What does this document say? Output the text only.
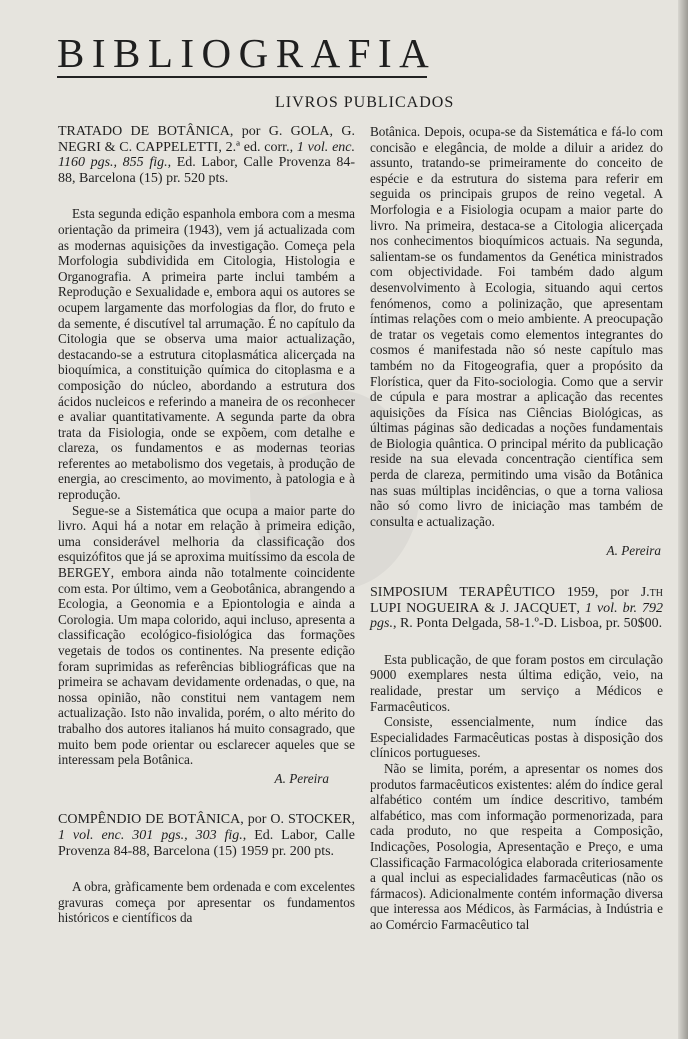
BIBLIOGRAFIA
LIVROS PUBLICADOS

TRATADO DE BOTÂNICA, por G. GOLA, G. NEGRI & C. CAPPELETTI, 2.ª ed. corr., 1 vol. enc. 1160 pgs., 855 fig., Ed. Labor, Calle Provenza 84-88, Barcelona (15) pr. 520 pts.

Esta segunda edição espanhola embora com a mesma orientação da primeira (1943), vem já actualizada com as modernas aquisições da investigação. Começa pela Morfologia subdividida em Citologia, Histologia e Organografia. A primeira parte inclui também a Reprodução e Sexualidade e, embora aqui os autores se ocupem largamente das morfologias da flor, do fruto e da semente, é discutível tal arrumação. É no capítulo da Citologia que se observa uma maior actualização, destacando-se a estrutura citoplasmática alicerçada na bioquímica, a constituição química do citoplasma e a composição do núcleo, abordando a estrutura dos ácidos nucleicos e referindo a maneira de os reconhecer e avaliar quantitativamente. A segunda parte da obra trata da Fisiologia, onde se expõem, com detalhe e clareza, os fundamentos e as modernas teorias referentes ao metabolismo dos vegetais, à produção de energia, ao crescimento, ao movimento, à patologia e à reprodução.

Segue-se a Sistemática que ocupa a maior parte do livro. Aqui há a notar em relação à primeira edição, uma considerável melhoria da classificação dos esquizófitos que já se aproxima muitíssimo da escola de BERGEY, embora ainda não totalmente coincidente com esta. Por último, vem a Geobotânica, abrangendo a Ecologia, a Geonomia e a Epiontologia e ainda a Corologia. Um mapa colorido, aqui incluso, apresenta a classificação ecológico-fisiológica das formações vegetais de todos os continentes. Na presente edição foram suprimidas as referências bibliográficas que na primeira se achavam devidamente ordenadas, o que, na nossa opinião, não constitui nem vantagem nem actualização. Isto não invalida, porém, o alto mérito do trabalho dos autores italianos há muito consagrado, que muito bem pode orientar ou esclarecer aqueles que se interessam pela Botânica.

A. Pereira

COMPÊNDIO DE BOTÂNICA, por O. STOCKER, 1 vol. enc. 301 pgs., 303 fig., Ed. Labor, Calle Provenza 84-88, Barcelona (15) 1959 pr. 200 pts.

A obra, gràficamente bem ordenada e com excelentes gravuras começa por apresentar os fundamentos históricos e científicos da

Botânica. Depois, ocupa-se da Sistemática e fá-lo com concisão e elegância, de molde a diluir a aridez do assunto, tratando-se primeiramente do conceito de espécie e da estrutura do sistema para referir em seguida os principais grupos de reino vegetal. A Morfologia e a Fisiologia ocupam a maior parte do livro. Na primeira, destaca-se a Citologia alicerçada nos conhecimentos bioquímicos actuais. Na segunda, salientam-se os fundamentos da Genética ministrados com objectividade. Foi também dado algum desenvolvimento à Ecologia, situando aqui certos fenómenos, como a polinização, que apresentam íntimas relações com o meio ambiente. A preocupação de tratar os vegetais como elementos integrantes do cosmos é manifestada não só neste capítulo mas também no da Fitogeografia, quer a propósito da Florística, quer da Fito-sociologia. Como que a servir de cúpula e para mostrar a aplicação das recentes aquisições da Física nas Ciências Biológicas, as últimas páginas são dedicadas a noções fundamentais de Biologia quântica. O principal mérito da publicação reside na sua elevada concentração científica sem perda de clareza, permitindo uma visão da Botânica nas suas múltiplas incidências, o que a torna valiosa não só como livro de iniciação mas também de consulta e actualização.

A. Pereira

SIMPOSIUM TERAPÊUTICO 1959, por J.th LUPI NOGUEIRA & J. JACQUET, 1 vol. br. 792 pgs., R. Ponta Delgada, 58-1.º-D. Lisboa, pr. 50$00.

Esta publicação, de que foram postos em circulação 9000 exemplares nesta última edição, veio, na realidade, prestar um serviço a Médicos e Farmacêuticos.

Consiste, essencialmente, num índice das Especialidades Farmacêuticas postas à disposição dos clínicos portugueses.

Não se limita, porém, a apresentar os nomes dos produtos farmacêuticos existentes: além do índice geral alfabético contém um índice descritivo, também alfabético, mas com informação pormenorizada, para cada produto, no que respeita a Composição, Indicações, Posologia, Apresentação e Preço, e uma Classificação Farmacológica elaborada criteriosamente a qual inclui as especialidades farmacêuticas (não os fármacos). Adicionalmente contém informação diversa que interessa aos Médicos, às Farmácias, à Indústria e ao Comércio Farmacêutico tal
